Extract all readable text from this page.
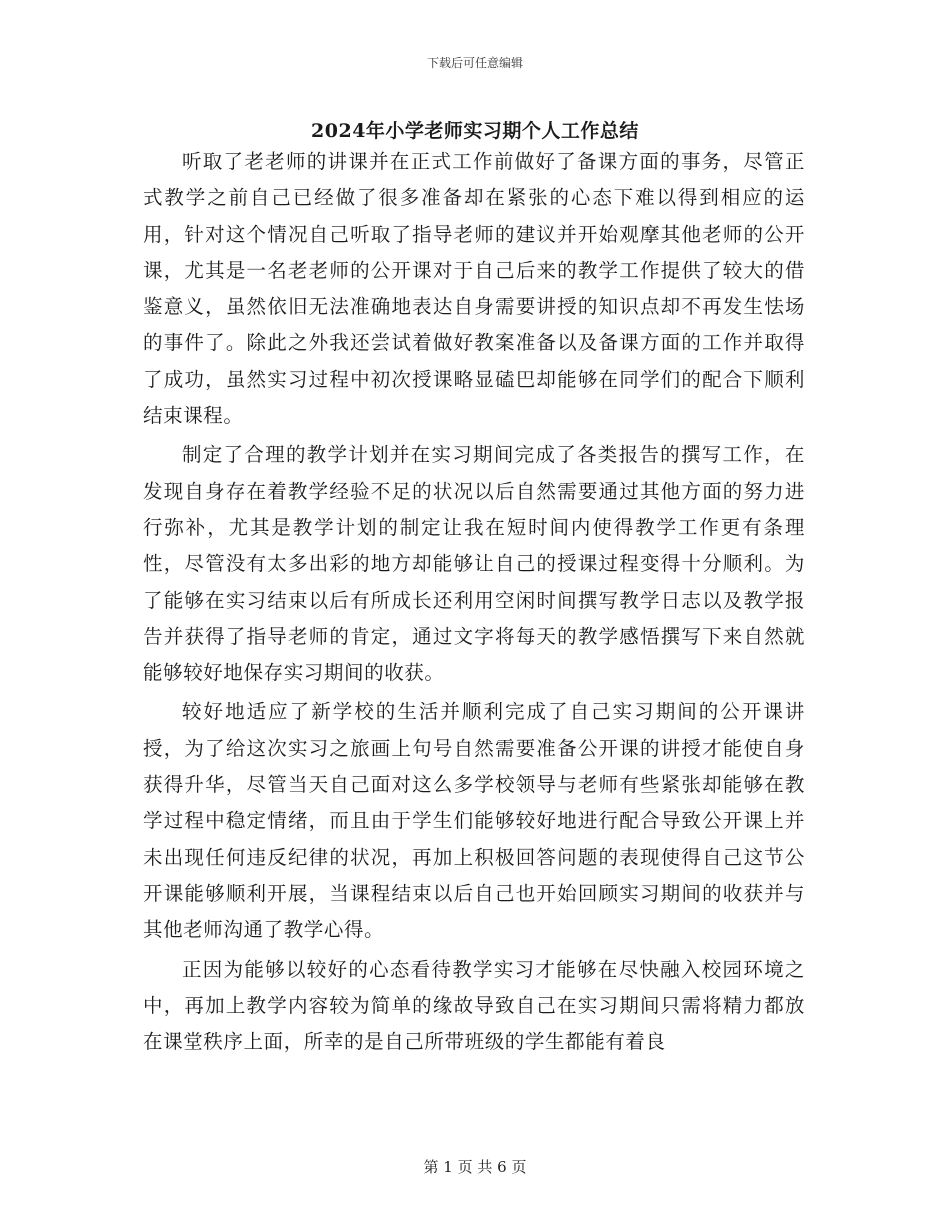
下载后可任意编辑
2024年小学老师实习期个人工作总结

听取了老老师的讲课并在正式工作前做好了备课方面的事务，尽管正式教学之前自己已经做了很多准备却在紧张的心态下难以得到相应的运用，针对这个情况自己听取了指导老师的建议并开始观摩其他老师的公开课，尤其是一名老老师的公开课对于自己后来的教学工作提供了较大的借鉴意义，虽然依旧无法准确地表达自身需要讲授的知识点却不再发生怯场的事件了。除此之外我还尝试着做好教案准备以及备课方面的工作并取得了成功，虽然实习过程中初次授课略显磕巴却能够在同学们的配合下顺利结束课程。

制定了合理的教学计划并在实习期间完成了各类报告的撰写工作，在发现自身存在着教学经验不足的状况以后自然需要通过其他方面的努力进行弥补，尤其是教学计划的制定让我在短时间内使得教学工作更有条理性，尽管没有太多出彩的地方却能够让自己的授课过程变得十分顺利。为了能够在实习结束以后有所成长还利用空闲时间撰写教学日志以及教学报告并获得了指导老师的肯定，通过文字将每天的教学感悟撰写下来自然就能够较好地保存实习期间的收获。

较好地适应了新学校的生活并顺利完成了自己实习期间的公开课讲授，为了给这次实习之旅画上句号自然需要准备公开课的讲授才能使自身获得升华，尽管当天自己面对这么多学校领导与老师有些紧张却能够在教学过程中稳定情绪，而且由于学生们能够较好地进行配合导致公开课上并未出现任何违反纪律的状况，再加上积极回答问题的表现使得自己这节公开课能够顺利开展，当课程结束以后自己也开始回顾实习期间的收获并与其他老师沟通了教学心得。

正因为能够以较好的心态看待教学实习才能够在尽快融入校园环境之中，再加上教学内容较为简单的缘故导致自己在实习期间只需将精力都放在课堂秩序上面，所幸的是自己所带班级的学生都能有着良

第 1 页 共 6 页
